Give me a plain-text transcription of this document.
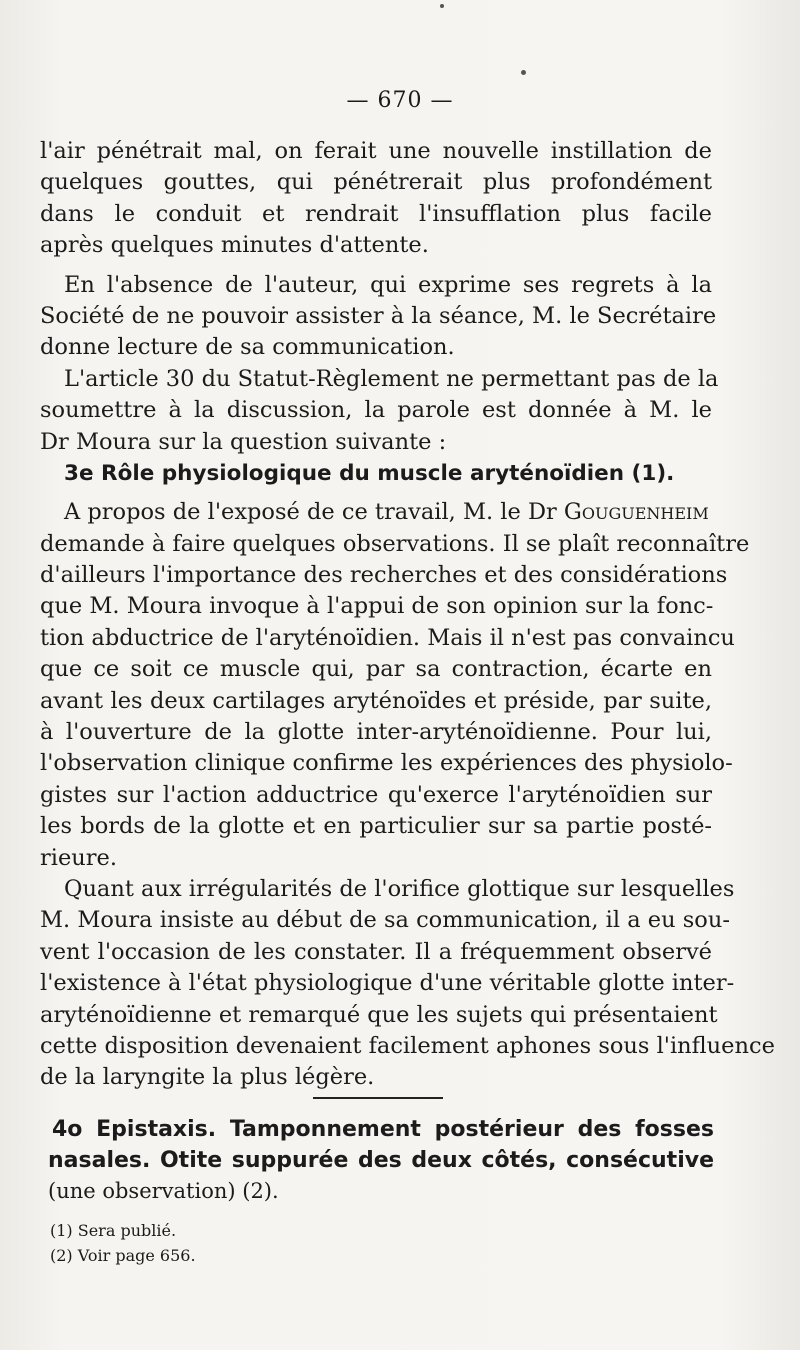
— 670 —
l'air pénétrait mal, on ferait une nouvelle instillation de
quelques gouttes, qui pénétrerait plus profondément
dans le conduit et rendrait l'insufflation plus facile
après quelques minutes d'attente.
En l'absence de l'auteur, qui exprime ses regrets à la
Société de ne pouvoir assister à la séance, M. le Secrétaire
donne lecture de sa communication.
L'article 30 du Statut-Règlement ne permettant pas de la
soumettre à la discussion, la parole est donnée à M. le
Dr Moura sur la question suivante :
3e Rôle physiologique du muscle aryténoïdien (1).
A propos de l'exposé de ce travail, M. le Dr Gouguenheim
demande à faire quelques observations. Il se plaît reconnaître
d'ailleurs l'importance des recherches et des considérations
que M. Moura invoque à l'appui de son opinion sur la fonc-
tion abductrice de l'aryténoïdien. Mais il n'est pas convaincu
que ce soit ce muscle qui, par sa contraction, écarte en
avant les deux cartilages aryténoïdes et préside, par suite,
à l'ouverture de la glotte inter-aryténoïdienne. Pour lui,
l'observation clinique confirme les expériences des physiolo-
gistes sur l'action adductrice qu'exerce l'aryténoïdien sur
les bords de la glotte et en particulier sur sa partie posté-
rieure.
Quant aux irrégularités de l'orifice glottique sur lesquelles
M. Moura insiste au début de sa communication, il a eu sou-
vent l'occasion de les constater. Il a fréquemment observé
l'existence à l'état physiologique d'une véritable glotte inter-
aryténoïdienne et remarqué que les sujets qui présentaient
cette disposition devenaient facilement aphones sous l'influence
de la laryngite la plus légère.
4o Epistaxis. Tamponnement postérieur des fosses
nasales. Otite suppurée des deux côtés, consécutive
(une observation) (2).
(1) Sera publié.
(2) Voir page 656.
